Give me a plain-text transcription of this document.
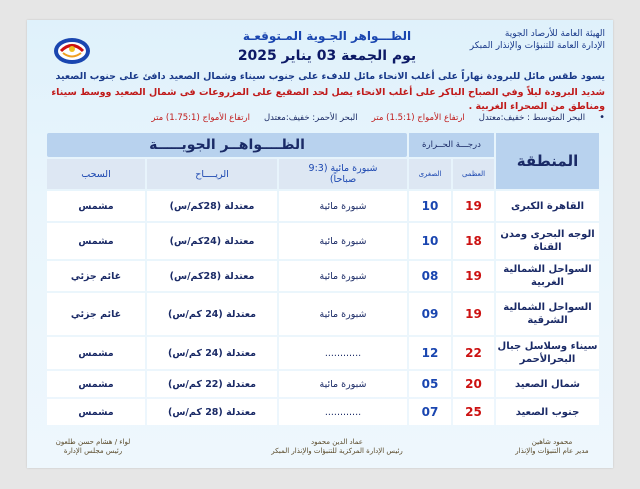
الهيئة العامة للأرصاد الجوية
الإدارة العامة للتنبؤات والإنذار المبكر
الظـــواهر الجـوية المـتوقعـة
يوم الجمعة 03 يناير 2025
يسود طقس مائل للبرودة نهاراً على أغلب الانحاء مائل للدفء على جنوب سيناء وشمال الصعيد دافئ على جنوب الصعيد
شديد البرودة ليلاً وفي الصباح الباكر على أغلب الانحاء يصل لحد الصقيع على المزروعات فى شمال الصعيد ووسط سيناء ومناطق من الصحراء الغربية .
•
البحر المتوسط : خفيف:معتدل
ارتفاع الأمواج (1.5:1) متر
البحر الأحمر: خفيف:معتدل
ارتفاع الأمواج (1.75:1) متر
الظــــواهــر الجويـــــة	درجـــة الحــرارة
المنطقة
السحب	الريــــاح	شبورة مائية (9:3 صباحاً)
الصغرى	العظمى
مشمس	معتدلة (28كم/س)	شبورة مائية	10	19	القاهرة الكبرى
مشمس	معتدلة (24كم/س)	شبورة مائية	10	18	الوجه البحرى ومدن القناة
غائم جزئي	معتدلة (28كم/س)	شبورة مائية	08	19	السواحل الشمالية الغربية
غائم جزئي	معتدلة (24 كم/س)	شبورة مائية	09	19	السواحل الشمالية الشرقية
مشمس	معتدلة (24 كم/س)	............	12	22	سيناء وسلاسل جبال البحرالأحمر
مشمس	معتدلة (22 كم/س)	شبورة مائية	05	20	شمال الصعيد
مشمس	معتدلة (28 كم/س)	............	07	25	جنوب الصعيد
لواء / هشام حسن طلعون
رئيس مجلس الإدارة
عماد الدين محمود
رئيس الإدارة المركزية للتنبؤات والإنذار المبكر
محمود شاهين
مدير عام التنبؤات والإنذار
